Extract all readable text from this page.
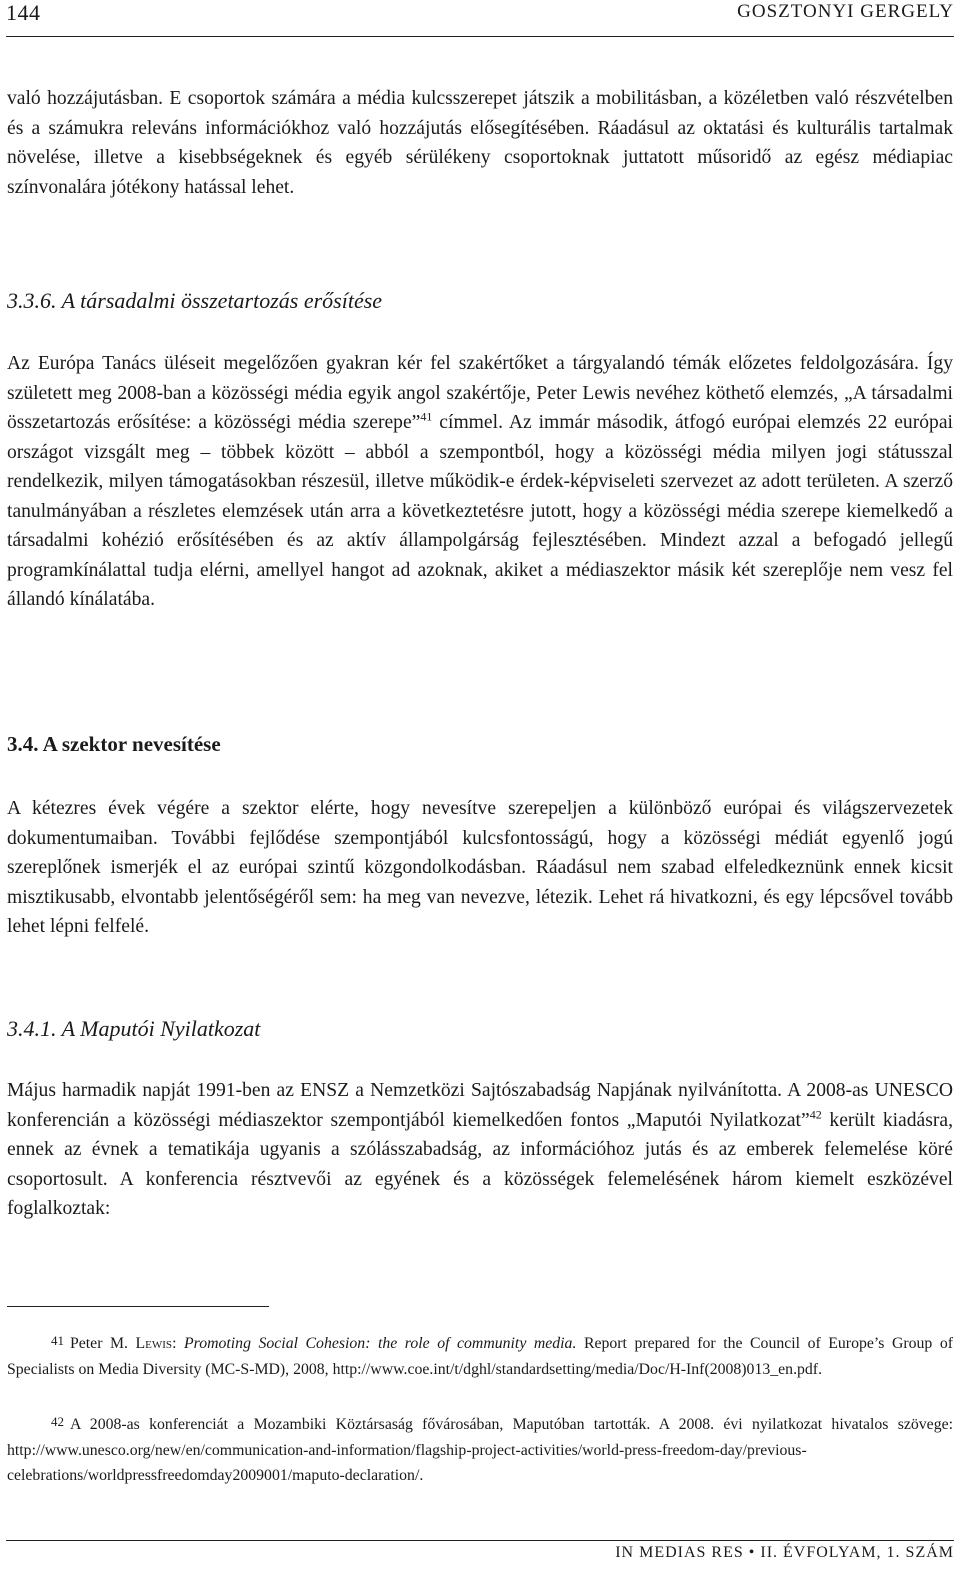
144	GOSZTONYI GERGELY

való hozzájutásban. E csoportok számára a média kulcsszerepet játszik a mobilitásban, a közéletben való részvételben és a számukra releváns információkhoz való hozzájutás elősegítésében. Ráadásul az oktatási és kulturális tartalmak növelése, illetve a kisebbségeknek és egyéb sérülékeny csoportoknak juttatott műsoridő az egész médiapiac színvonalára jótékony hatással lehet.

3.3.6. A társadalmi összetartozás erősítése

Az Európa Tanács üléseit megelőzően gyakran kér fel szakértőket a tárgyalandó témák előzetes feldolgozására. Így született meg 2008-ban a közösségi média egyik angol szakértője, Peter Lewis nevéhez köthető elemzés, „A társadalmi összetartozás erősítése: a közösségi média szerepe”$^{41}$ címmel. Az immár második, átfogó európai elemzés 22 európai országot vizsgált meg – többek között – abból a szempontból, hogy a közösségi média milyen jogi státusszal rendelkezik, milyen támogatásokban részesül, illetve működik-e érdek-képviseleti szervezet az adott területen. A szerző tanulmányában a részletes elemzések után arra a következtetésre jutott, hogy a közösségi média szerepe kiemelkedő a társadalmi kohézió erősítésében és az aktív állampolgárság fejlesztésében. Mindezt azzal a befogadó jellegű programkínálattal tudja elérni, amellyel hangot ad azoknak, akiket a médiaszektor másik két szereplője nem vesz fel állandó kínálatába.

3.4. A szektor nevesítése

A kétezres évek végére a szektor elérte, hogy nevesítve szerepeljen a különböző európai és világszervezetek dokumentumaiban. További fejlődése szempontjából kulcsfontosságú, hogy a közösségi médiát egyenlő jogú szereplőnek ismerjék el az európai szintű közgondolkodásban. Ráadásul nem szabad elfeledkeznünk ennek kicsit misztikusabb, elvontabb jelentőségéről sem: ha meg van nevezve, létezik. Lehet rá hivatkozni, és egy lépcsővel tovább lehet lépni felfelé.

3.4.1. A Maputói Nyilatkozat

Május harmadik napját 1991-ben az ENSZ a Nemzetközi Sajtószabadság Napjának nyilvánította. A 2008-as UNESCO konferencián a közösségi médiaszektor szempontjából kiemelkedően fontos „Maputói Nyilatkozat”$^{42}$ került kiadásra, ennek az évnek a tematikája ugyanis a szólásszabadság, az információhoz jutás és az emberek felemelése köré csoportosult. A konferencia résztvevői az egyének és a közösségek felemelésének három kiemelt eszközével foglalkoztak:

41 Peter M. Lewis: Promoting Social Cohesion: the role of community media. Report prepared for the Council of Europe’s Group of Specialists on Media Diversity (MC-S-MD), 2008, http://www.coe.int/t/dghl/standardsetting/media/Doc/H-Inf(2008)013_en.pdf.

42 A 2008-as konferenciát a Mozambiki Köztársaság fővárosában, Maputóban tartották. A 2008. évi nyilatkozat hivatalos szövege: http://www.unesco.org/new/en/communication-and-information/flagship-project-activities/world-press-freedom-day/previous-celebrations/worldpressfreedomday2009001/maputo-declaration/.

IN MEDIAS RES • II. ÉVFOLYAM, 1. SZÁM
